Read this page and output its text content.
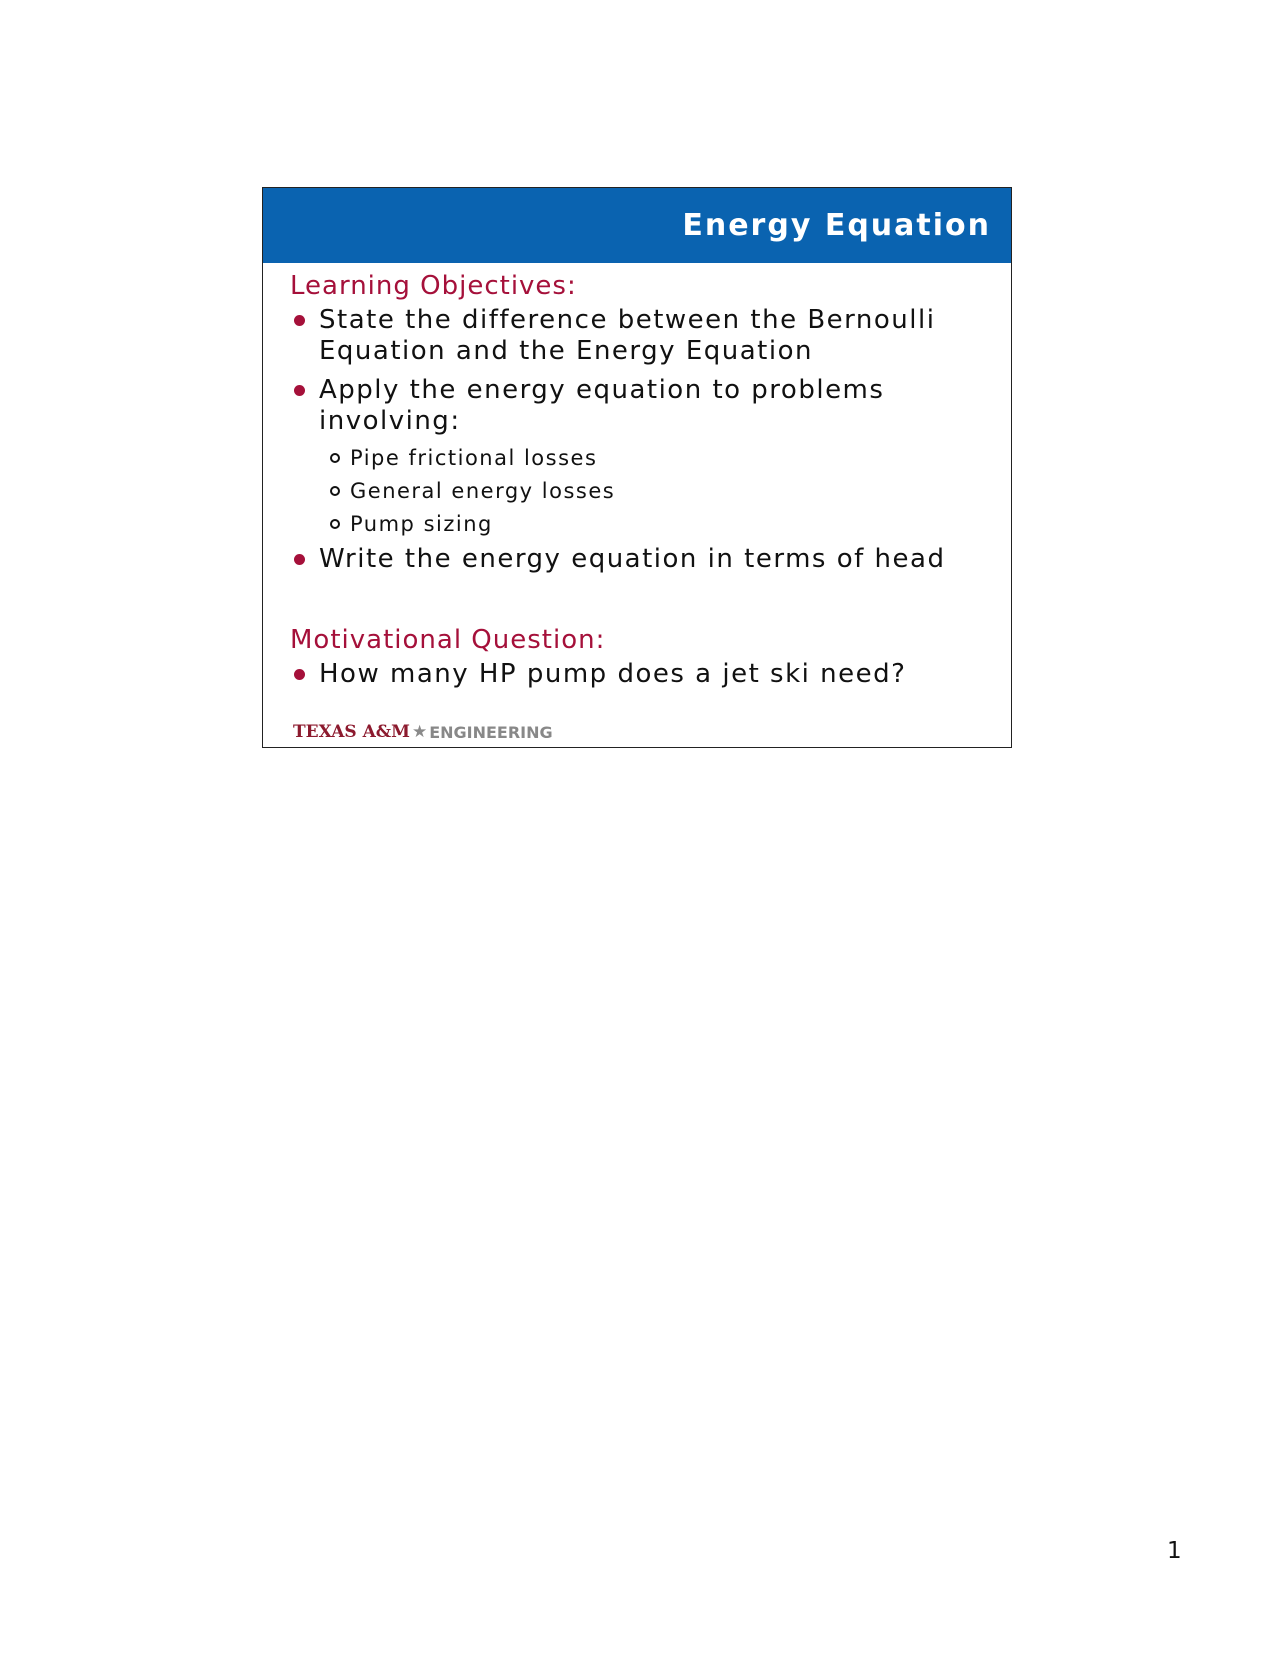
Energy Equation
Learning Objectives:
State the difference between the Bernoulli
Equation and the Energy Equation
Apply the energy equation to problems
involving:
Pipe frictional losses
General energy losses
Pump sizing
Write the energy equation in terms of head
Motivational Question:
How many HP pump does a jet ski need?
TEXAS A&M ★ ENGINEERING
1
